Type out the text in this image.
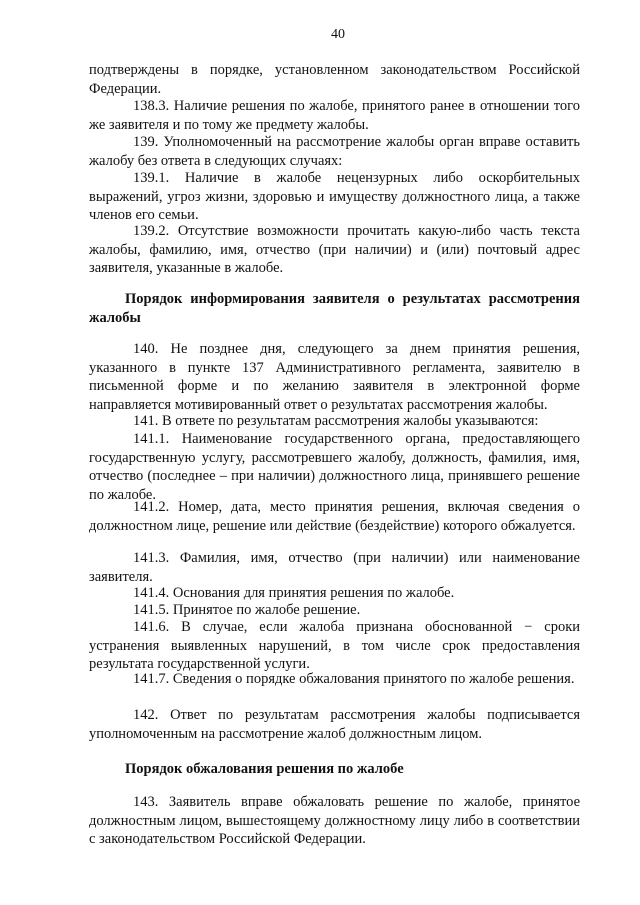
40
подтверждены в порядке, установленном законодательством Российской Федерации.
138.3. Наличие решения по жалобе, принятого ранее в отношении того же заявителя и по тому же предмету жалобы.
139. Уполномоченный на рассмотрение жалобы орган вправе оставить жалобу без ответа в следующих случаях:
139.1. Наличие в жалобе нецензурных либо оскорбительных выражений, угроз жизни, здоровью и имуществу должностного лица, а также членов его семьи.
139.2. Отсутствие возможности прочитать какую-либо часть текста жалобы, фамилию, имя, отчество (при наличии) и (или) почтовый адрес заявителя, указанные в жалобе.
Порядок информирования заявителя о результатах рассмотрения жалобы
140. Не позднее дня, следующего за днем принятия решения, указанного в пункте 137 Административного регламента, заявителю в письменной форме и по желанию заявителя в электронной форме направляется мотивированный ответ о результатах рассмотрения жалобы.
141. В ответе по результатам рассмотрения жалобы указываются:
141.1. Наименование государственного органа, предоставляющего государственную услугу, рассмотревшего жалобу, должность, фамилия, имя, отчество (последнее – при наличии) должностного лица, принявшего решение по жалобе.
141.2. Номер, дата, место принятия решения, включая сведения о должностном лице, решение или действие (бездействие) которого обжалуется.
141.3. Фамилия, имя, отчество (при наличии) или наименование заявителя.
141.4. Основания для принятия решения по жалобе.
141.5. Принятое по жалобе решение.
141.6. В случае, если жалоба признана обоснованной − сроки устранения выявленных нарушений, в том числе срок предоставления результата государственной услуги.
141.7. Сведения о порядке обжалования принятого по жалобе решения.
142. Ответ по результатам рассмотрения жалобы подписывается уполномоченным на рассмотрение жалоб должностным лицом.
Порядок обжалования решения по жалобе
143. Заявитель вправе обжаловать решение по жалобе, принятое должностным лицом, вышестоящему должностному лицу либо в соответствии с законодательством Российской Федерации.
